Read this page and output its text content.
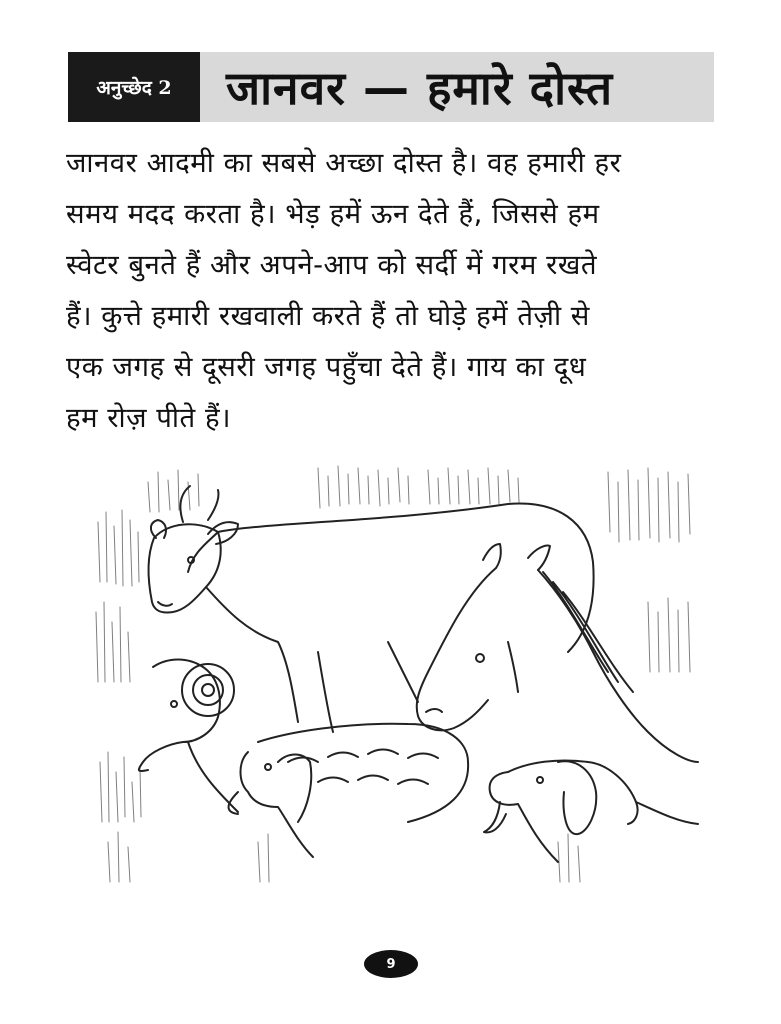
अनुच्छेद 2	जानवर — हमारे दोस्त
जानवर आदमी का सबसे अच्छा दोस्त है। वह हमारी हर
समय मदद करता है। भेड़ हमें ऊन देते हैं, जिससे हम
स्वेटर बुनते हैं और अपने-आप को सर्दी में गरम रखते
हैं। कुत्ते हमारी रखवाली करते हैं तो घोड़े हमें तेज़ी से
एक जगह से दूसरी जगह पहुँचा देते हैं। गाय का दूध
हम रोज़ पीते हैं।
9
